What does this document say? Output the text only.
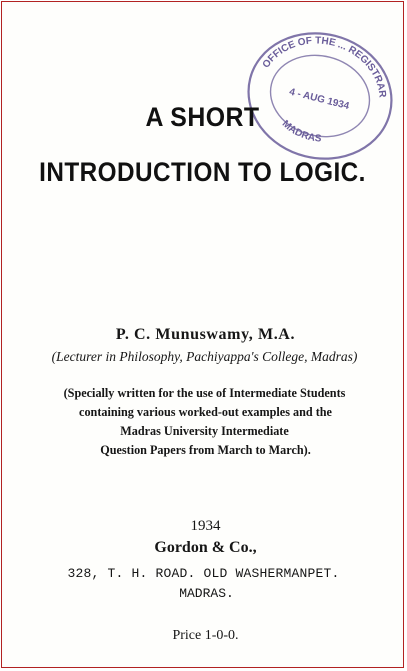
OFFICE OF THE ... REGISTRAR
4 - AUG 1934
MADRAS
A SHORT
INTRODUCTION TO LOGIC.
P. C. Munuswamy, M.A.
(Lecturer in Philosophy, Pachiyappa's College, Madras)
(Specially written for the use of Intermediate Students
containing various worked-out examples and the
Madras University Intermediate
Question Papers from March to March).
1934
Gordon & Co.,
328, T. H. ROAD. OLD WASHERMANPET.
MADRAS.
Price 1-0-0.
